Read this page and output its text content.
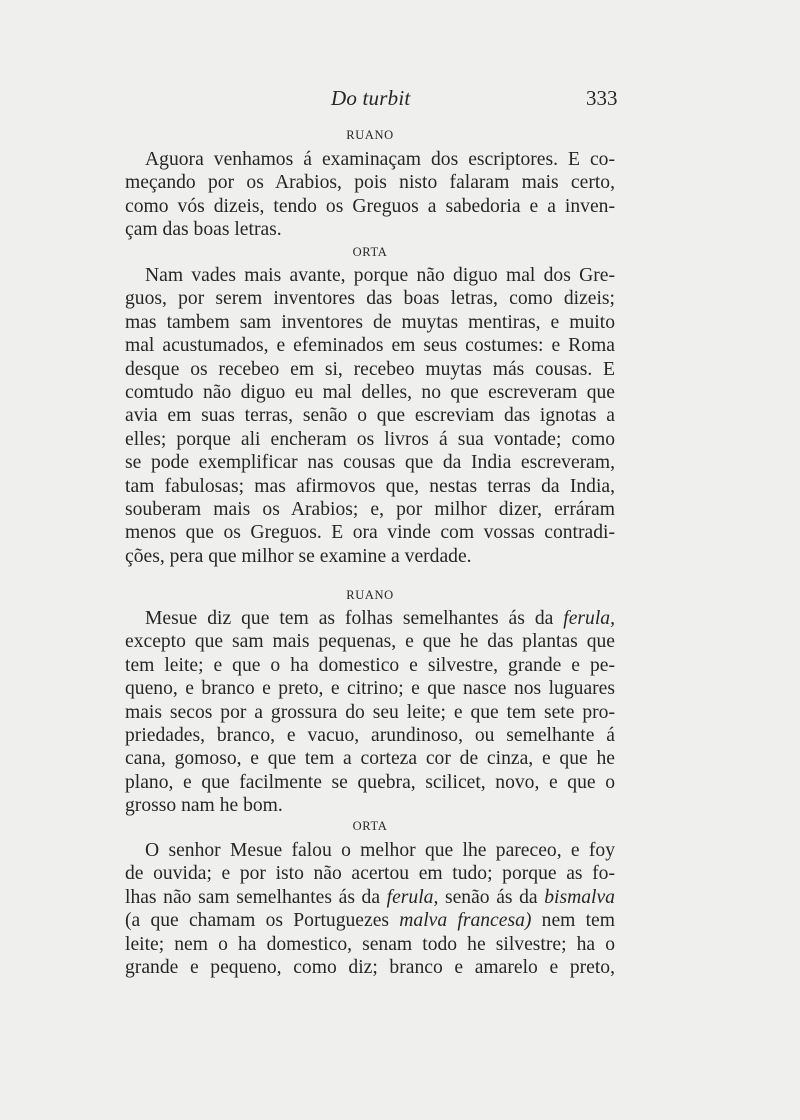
Do turbit	333
RUANO
Aguora venhamos á examinaçam dos escriptores. E co-
meçando por os Arabios, pois nisto falaram mais certo,
como vós dizeis, tendo os Greguos a sabedoria e a inven-
çam das boas letras.
ORTA
Nam vades mais avante, porque não diguo mal dos Gre-
guos, por serem inventores das boas letras, como dizeis;
mas tambem sam inventores de muytas mentiras, e muito
mal acustumados, e efeminados em seus costumes: e Roma
desque os recebeo em si, recebeo muytas más cousas. E
comtudo não diguo eu mal delles, no que escreveram que
avia em suas terras, senão o que escreviam das ignotas a
elles; porque ali encheram os livros á sua vontade; como
se pode exemplificar nas cousas que da India escreveram,
tam fabulosas; mas afirmovos que, nestas terras da India,
souberam mais os Arabios; e, por milhor dizer, erráram
menos que os Greguos. E ora vinde com vossas contradi-
ções, pera que milhor se examine a verdade.
RUANO
Mesue diz que tem as folhas semelhantes ás da ferula,
excepto que sam mais pequenas, e que he das plantas que
tem leite; e que o ha domestico e silvestre, grande e pe-
queno, e branco e preto, e citrino; e que nasce nos luguares
mais secos por a grossura do seu leite; e que tem sete pro-
priedades, branco, e vacuo, arundinoso, ou semelhante á
cana, gomoso, e que tem a corteza cor de cinza, e que he
plano, e que facilmente se quebra, scilicet, novo, e que o
grosso nam he bom.
ORTA
O senhor Mesue falou o melhor que lhe pareceo, e foy
de ouvida; e por isto não acertou em tudo; porque as fo-
lhas não sam semelhantes ás da ferula, senão ás da bismalva
(a que chamam os Portuguezes malva francesa) nem tem
leite; nem o ha domestico, senam todo he silvestre; ha o
grande e pequeno, como diz; branco e amarelo e preto,
